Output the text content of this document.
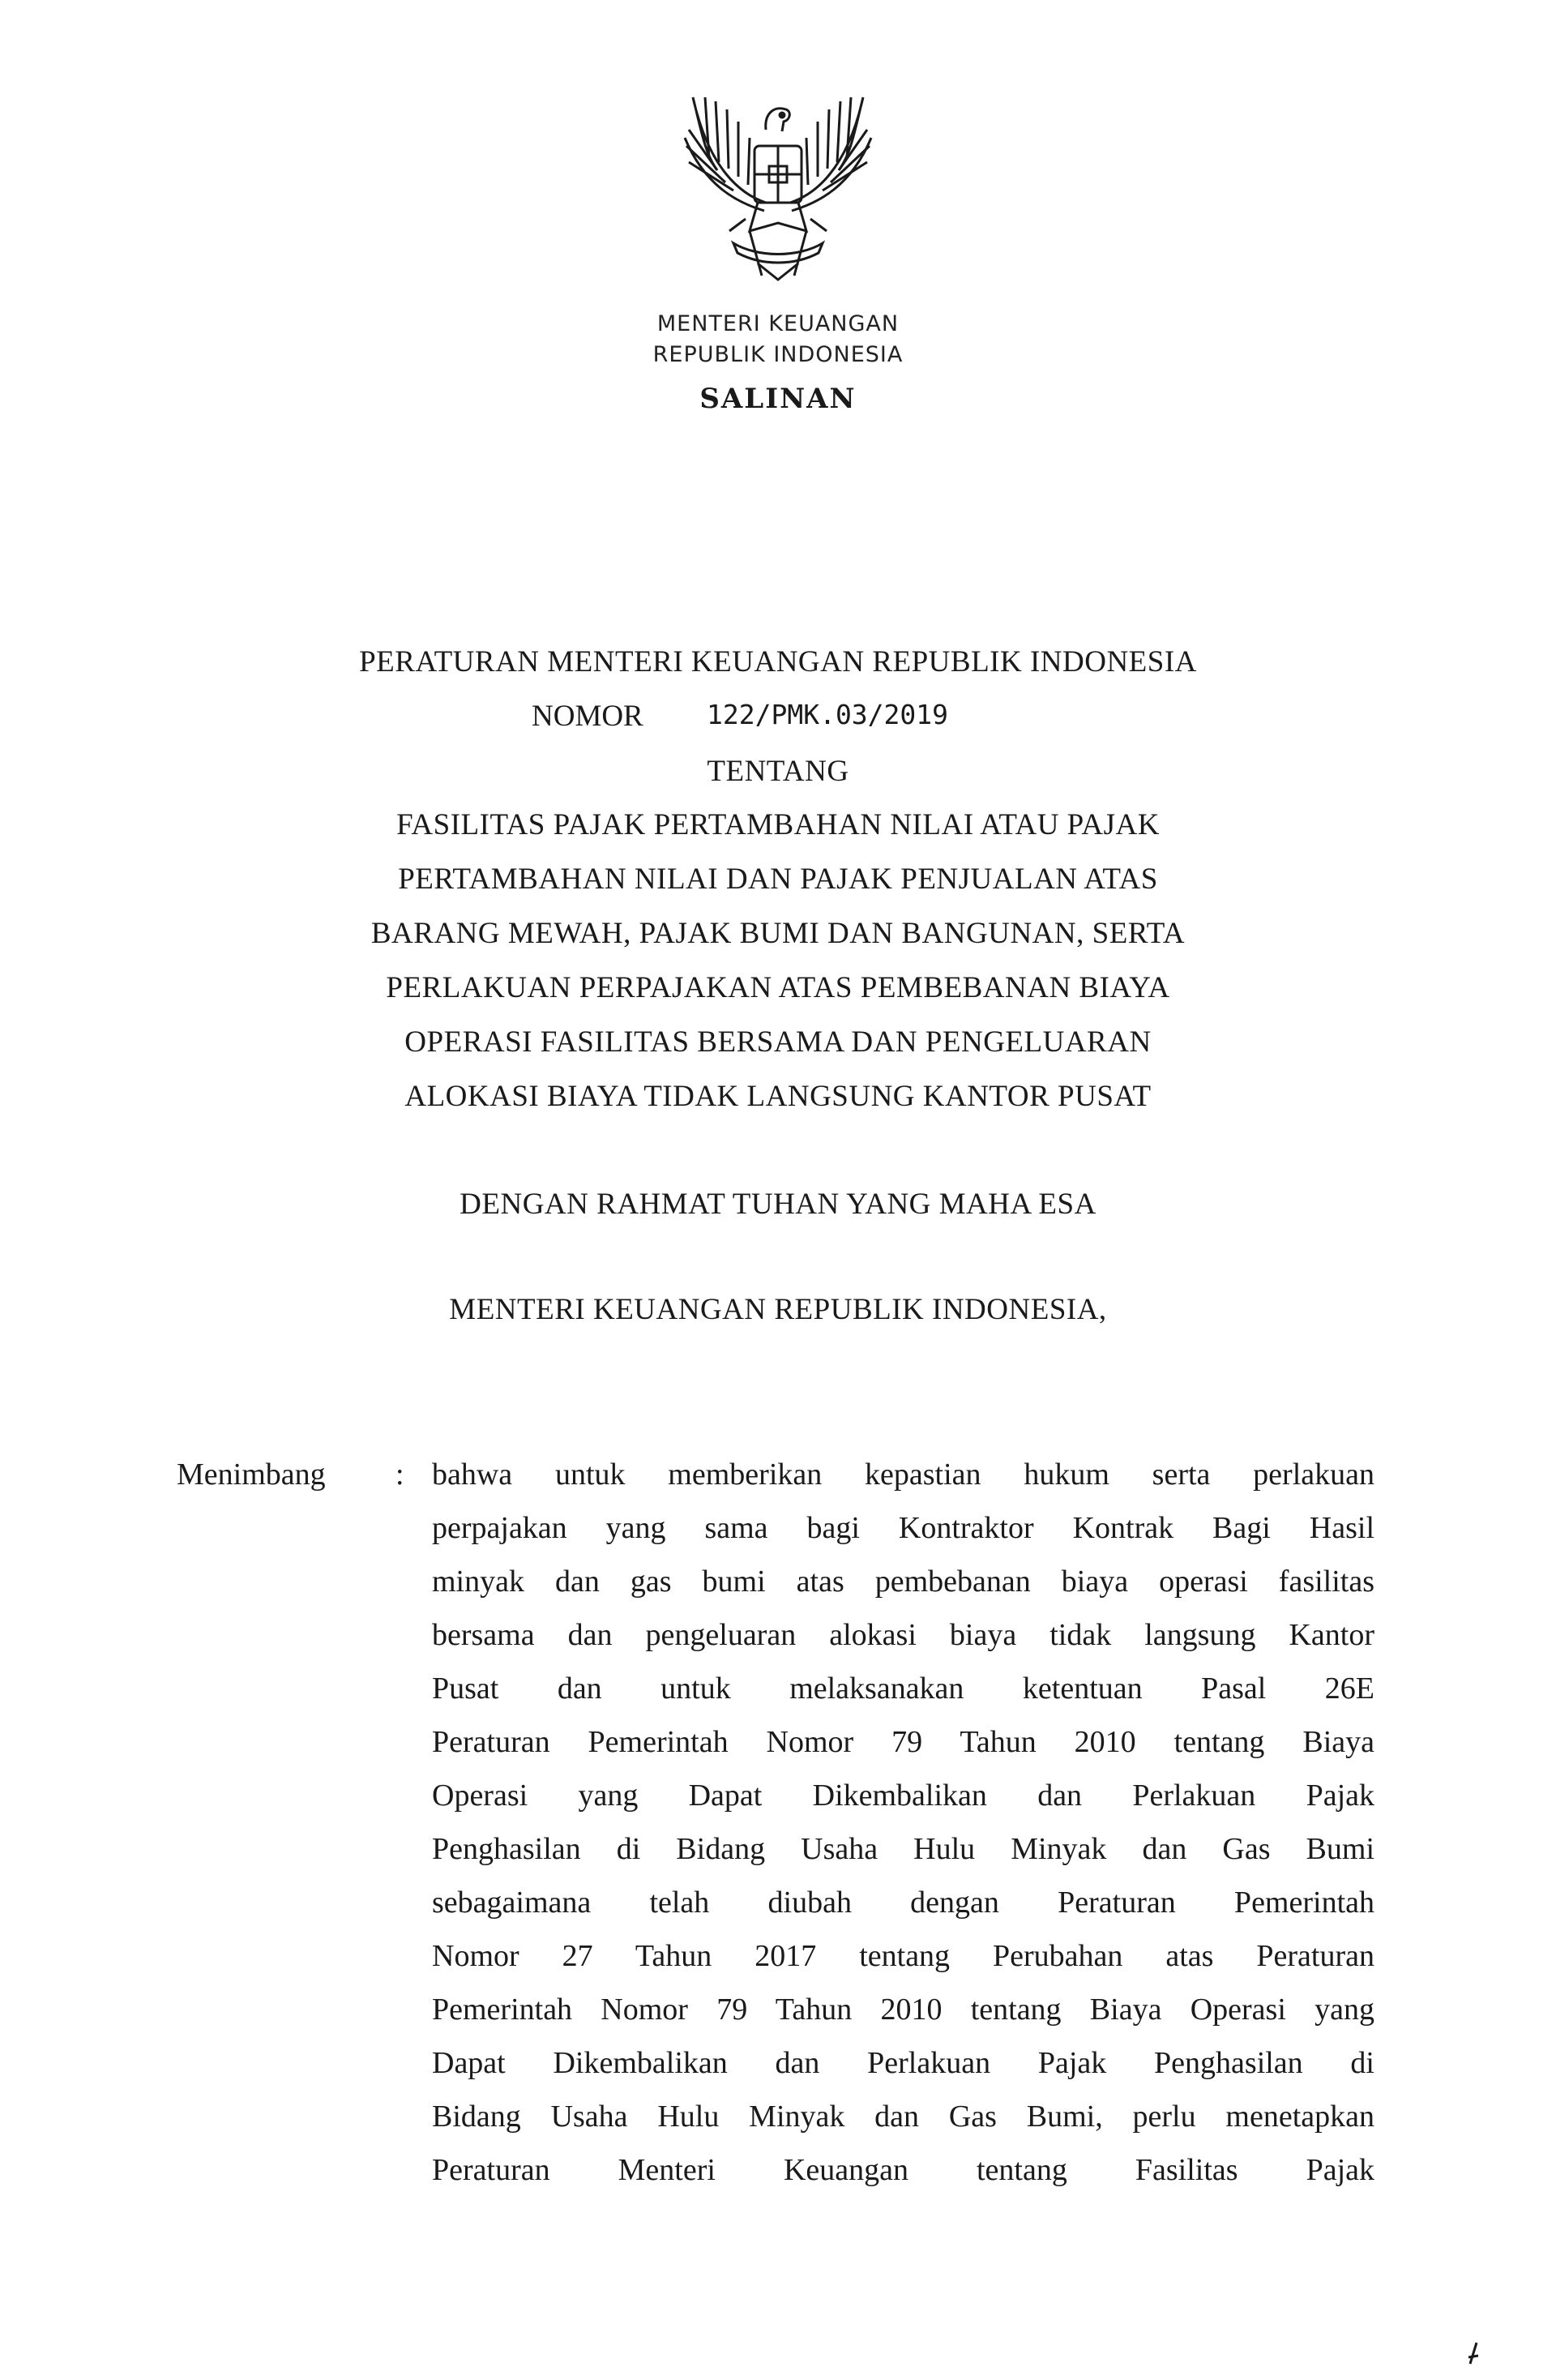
MENTERI KEUANGAN
REPUBLIK INDONESIA
SALINAN
PERATURAN MENTERI KEUANGAN REPUBLIK INDONESIA
NOMOR 122/PMK.03/2019
TENTANG
FASILITAS PAJAK PERTAMBAHAN NILAI ATAU PAJAK
PERTAMBAHAN NILAI DAN PAJAK PENJUALAN ATAS
BARANG MEWAH, PAJAK BUMI DAN BANGUNAN, SERTA
PERLAKUAN PERPAJAKAN ATAS PEMBEBANAN BIAYA
OPERASI FASILITAS BERSAMA DAN PENGELUARAN
ALOKASI BIAYA TIDAK LANGSUNG KANTOR PUSAT
DENGAN RAHMAT TUHAN YANG MAHA ESA
MENTERI KEUANGAN REPUBLIK INDONESIA,
Menimbang : bahwa untuk memberikan kepastian hukum serta perlakuan
perpajakan yang sama bagi Kontraktor Kontrak Bagi Hasil
minyak dan gas bumi atas pembebanan biaya operasi fasilitas
bersama dan pengeluaran alokasi biaya tidak langsung Kantor
Pusat dan untuk melaksanakan ketentuan Pasal 26E
Peraturan Pemerintah Nomor 79 Tahun 2010 tentang Biaya
Operasi yang Dapat Dikembalikan dan Perlakuan Pajak
Penghasilan di Bidang Usaha Hulu Minyak dan Gas Bumi
sebagaimana telah diubah dengan Peraturan Pemerintah
Nomor 27 Tahun 2017 tentang Perubahan atas Peraturan
Pemerintah Nomor 79 Tahun 2010 tentang Biaya Operasi yang
Dapat Dikembalikan dan Perlakuan Pajak Penghasilan di
Bidang Usaha Hulu Minyak dan Gas Bumi, perlu menetapkan
Peraturan Menteri Keuangan tentang Fasilitas Pajak
